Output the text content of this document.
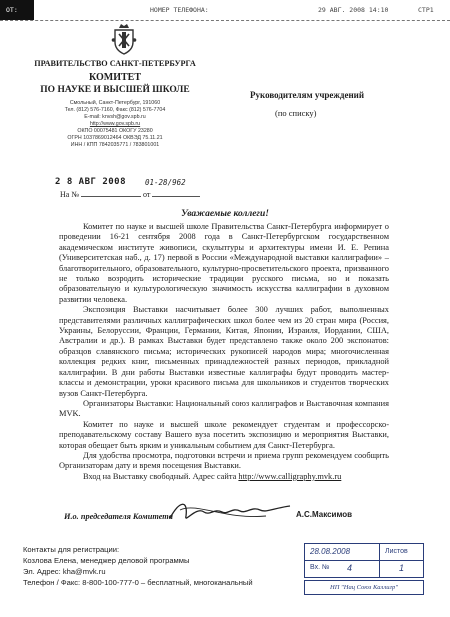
ОТ:	НОМЕР ТЕЛЕФОНА:	29 АВГ. 2008 14:10	СТР1
ПРАВИТЕЛЬСТВО САНКТ-ПЕТЕРБУРГА
КОМИТЕТ
ПО НАУКЕ И ВЫСШЕЙ ШКОЛЕ
Смольный, Санкт-Петербург, 191060
Тел. (812) 576-7160, Факс (812) 576-7704
E-mail: knvsh@gov.spb.ru
http://www.gov.spb.ru
ОКПО 00075481 ОКОГУ 23280
ОГРН 1037869012464 ОКВЭД 75.11.21
ИНН / КПП 7842035771 / 783801001
2 8 АВГ 2008	01-28/962
На №	от
Руководителям учреждений
(по списку)
Уважаемые коллеги!

Комитет по науке и высшей школе Правительства Санкт-Петербурга информирует о проведении 16-21 сентября 2008 года в Санкт-Петербургском государственном академическом институте живописи, скульптуры и архитектуры имени И. Е. Репина (Университетская наб., д. 17) первой в России «Международной выставки каллиграфии» – благотворительного, образовательного, культурно-просветительского проекта, призванного не только возродить исторические традиции русского письма, но и показать образовательную и культурологическую значимость искусства каллиграфии в духовном развитии человека.

Экспозиция Выставки насчитывает более 300 лучших работ, выполненных представителями различных каллиграфических школ более чем из 20 стран мира (Россия, Украины, Белоруссии, Франции, Германии, Китая, Японии, Израиля, Иордании, США, Австралии и др.). В рамках Выставки будет представлено также около 200 экспонатов: образцов славянского письма; исторических рукописей народов мира; многочисленная коллекция редких книг, письменных принадлежностей разных периодов, прикладной каллиграфии. В дни работы Выставки известные каллиграфы будут проводить мастер-классы и демонстрации, уроки красивого письма для школьников и студентов творческих вузов Санкт-Петербурга.

Организаторы Выставки: Национальный союз каллиграфов и Выставочная компания MVK.

Комитет по науке и высшей школе рекомендует студентам и профессорско-преподавательскому составу Вашего вуза посетить экспозицию и мероприятия Выставки, которая обещает быть ярким и уникальным событием для Санкт-Петербурга.

Для удобства просмотра, подготовки встречи и приема групп рекомендуем сообщить Организаторам дату и время посещения Выставки.

Вход на Выставку свободный. Адрес сайта http://www.calligraphy.mvk.ru

И.о. председателя Комитета	А.С.Максимов
Контакты для регистрации:
Козлова Елена, менеджер деловой программы
Эл. Адрес: kha@mvk.ru
Телефон / Факс: 8-800-100-777-0 – бесплатный, многоканальный
28.08.2008	Листов
Вх. № 4	1
НП "Нац Союз Каллигр"
